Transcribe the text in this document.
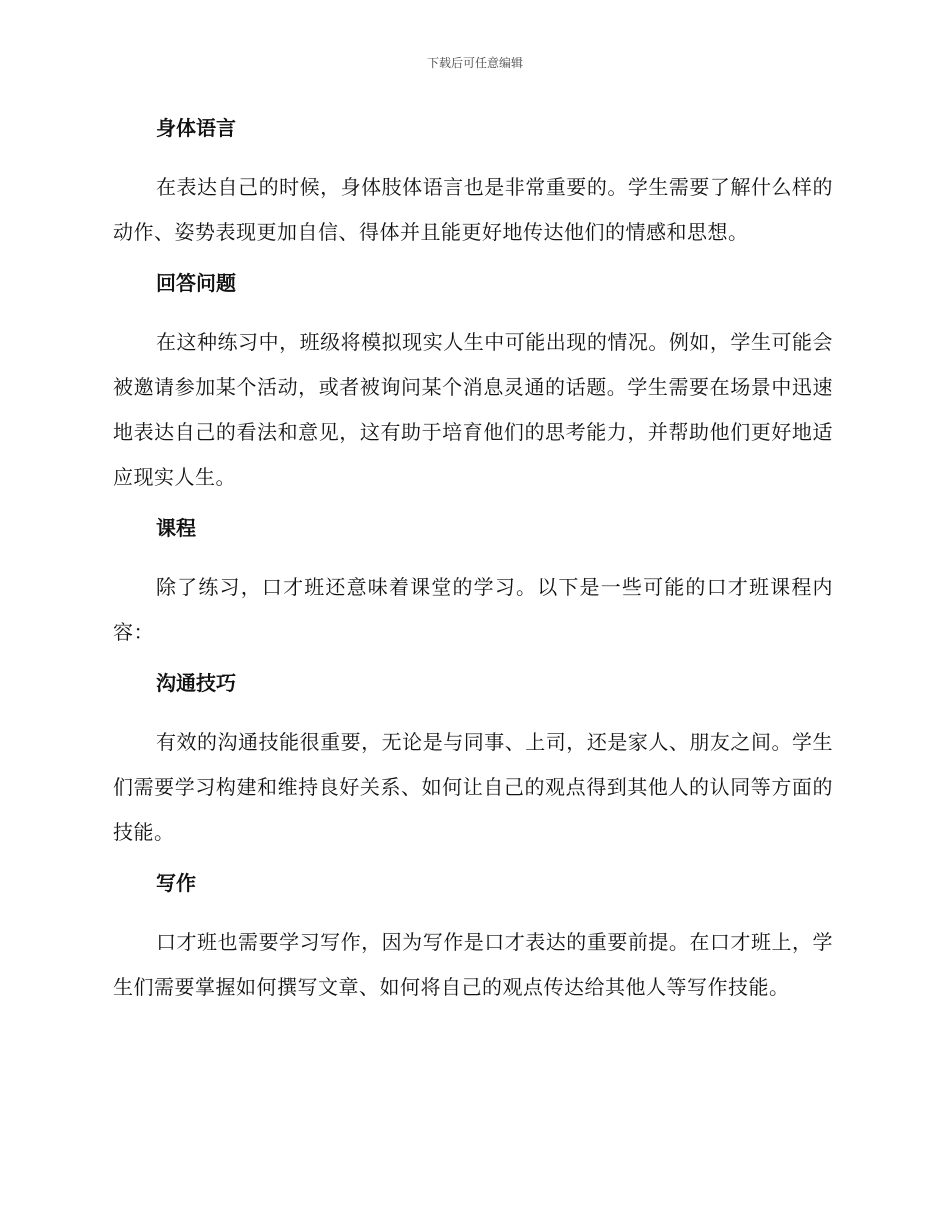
下载后可任意编辑
身体语言

在表达自己的时候，身体肢体语言也是非常重要的。学生需要了解什么样的动作、姿势表现更加自信、得体并且能更好地传达他们的情感和思想。

回答问题

在这种练习中，班级将模拟现实人生中可能出现的情况。例如，学生可能会被邀请参加某个活动，或者被询问某个消息灵通的话题。学生需要在场景中迅速地表达自己的看法和意见，这有助于培育他们的思考能力，并帮助他们更好地适应现实人生。

课程

除了练习，口才班还意味着课堂的学习。以下是一些可能的口才班课程内容：

沟通技巧

有效的沟通技能很重要，无论是与同事、上司，还是家人、朋友之间。学生们需要学习构建和维持良好关系、如何让自己的观点得到其他人的认同等方面的技能。

写作

口才班也需要学习写作，因为写作是口才表达的重要前提。在口才班上，学生们需要掌握如何撰写文章、如何将自己的观点传达给其他人等写作技能。
